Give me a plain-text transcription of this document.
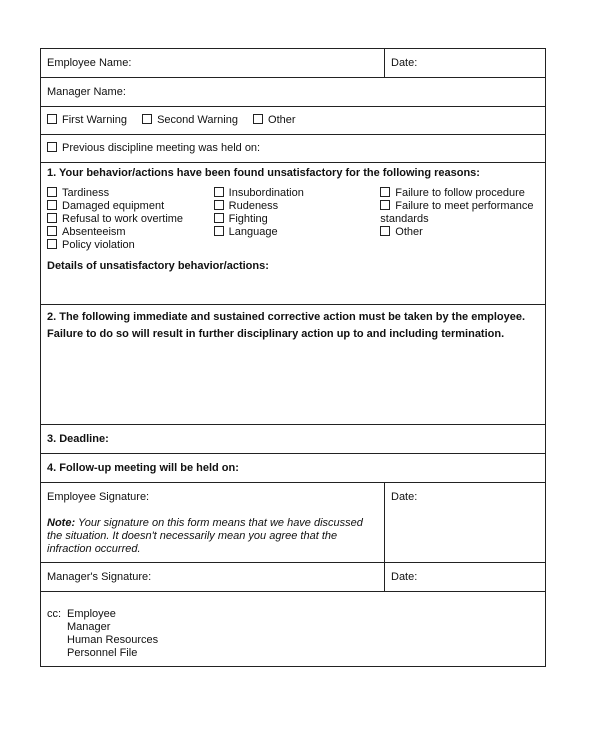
Employee Name:	Date:
Manager Name:
First Warning	Second Warning	Other
Previous discipline meeting was held on:
1. Your behavior/actions have been found unsatisfactory for the following reasons:
Tardiness
Damaged equipment
Refusal to work overtime
Absenteeism
Policy violation
Insubordination
Rudeness
Fighting
Language
Failure to follow procedure
Failure to meet performance standards
Other
Details of unsatisfactory behavior/actions:
2. The following immediate and sustained corrective action must be taken by the employee.
Failure to do so will result in further disciplinary action up to and including termination.
3. Deadline:
4. Follow-up meeting will be held on:
Employee Signature:
Note: Your signature on this form means that we have discussed the situation. It doesn't necessarily mean you agree that the infraction occurred.
Date:
Manager's Signature:	Date:
cc: Employee
Manager
Human Resources
Personnel File
